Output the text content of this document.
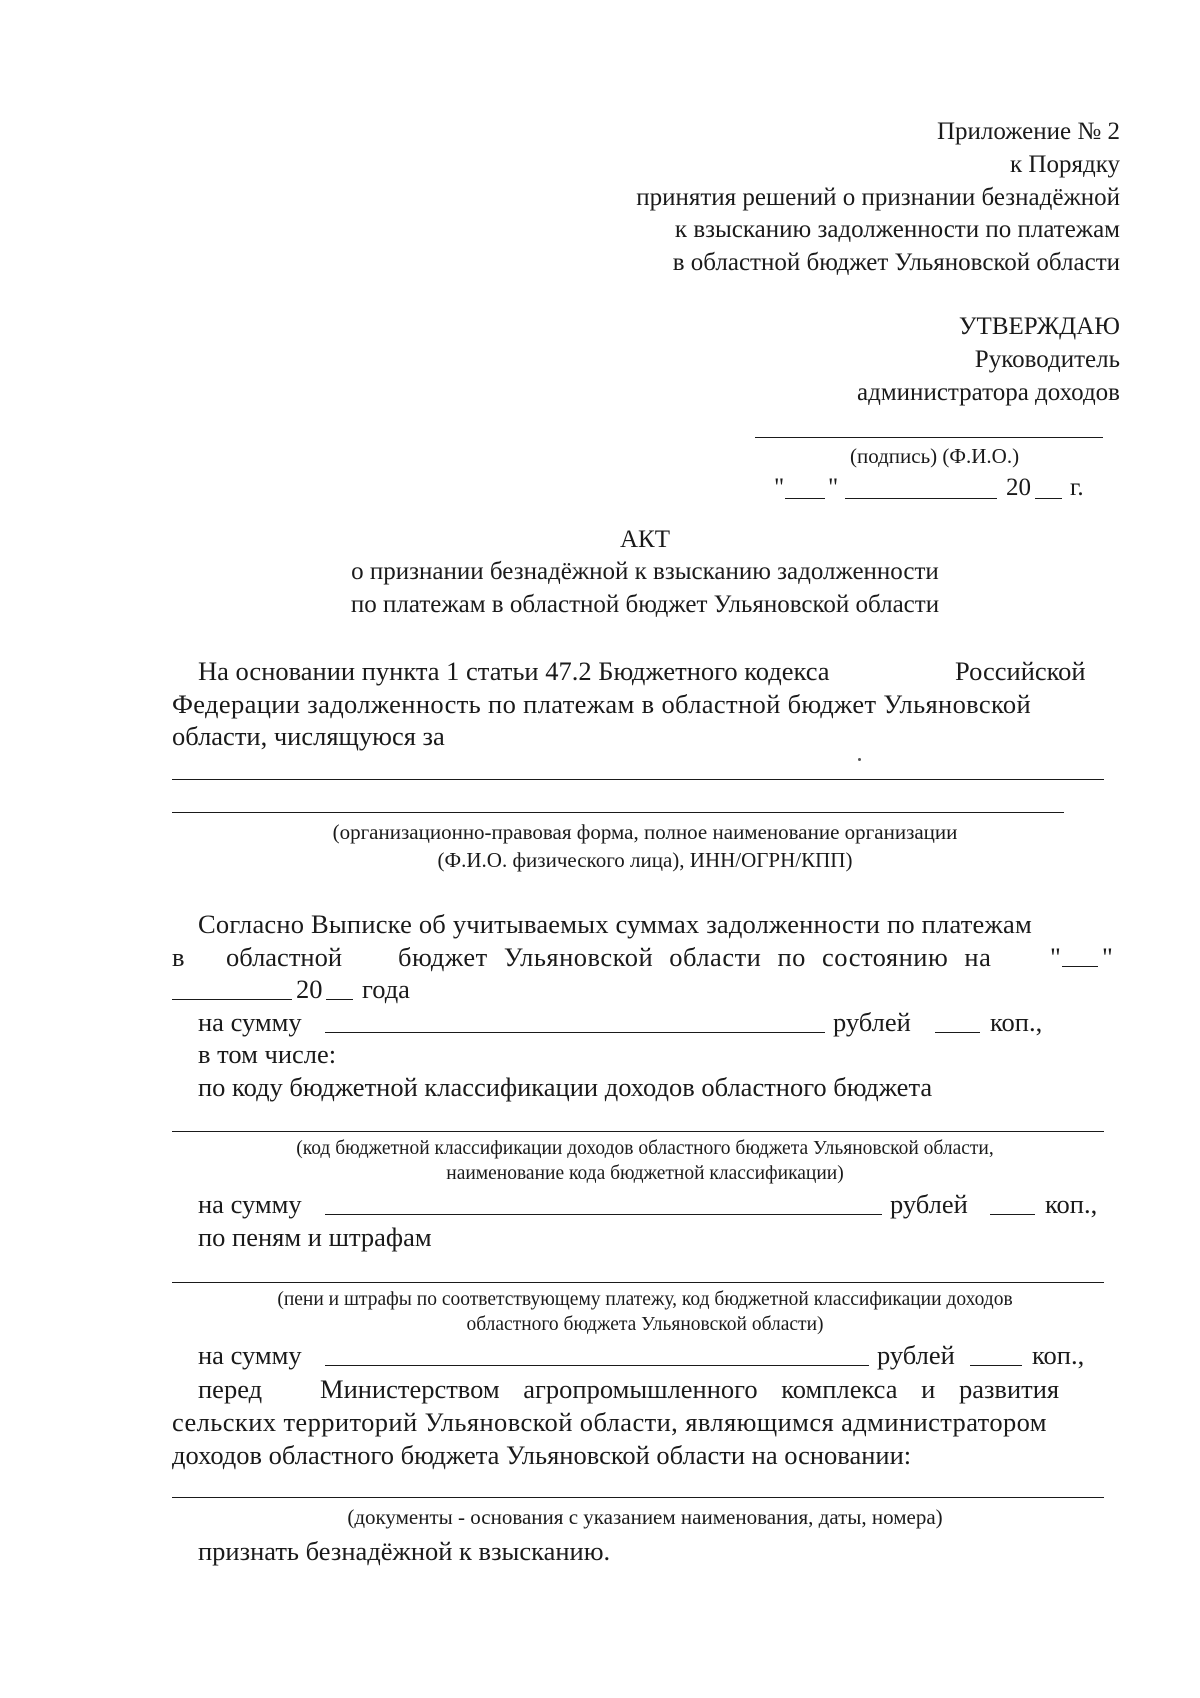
Приложение № 2
к Порядку
принятия решений о признании безнадёжной
к взысканию задолженности по платежам
в областной бюджет Ульяновской области
УТВЕРЖДАЮ
Руководитель
администратора доходов
(подпись) (Ф.И.О.)
" "	20 г.
АКТ
о признании безнадёжной к взысканию задолженности
по платежам в областной бюджет Ульяновской области
На основании пункта 1 статьи 47.2 Бюджетного кодекса	Российской
Федерации задолженность по платежам в областной бюджет Ульяновской
области, числящуюся за
(организационно-правовая форма, полное наименование организации
(Ф.И.О. физического лица), ИНН/ОГРН/КПП)
Согласно Выписке об учитываемых суммах задолженности по платежам
в областной бюджет Ульяновской области по состоянию на " "
20 года
на сумму	рублей	коп.,
в том числе:
по коду бюджетной классификации доходов областного бюджета
(код бюджетной классификации доходов областного бюджета Ульяновской области,
наименование кода бюджетной классификации)
на сумму	рублей	коп.,
по пеням и штрафам
(пени и штрафы по соответствующему платежу, код бюджетной классификации доходов
областного бюджета Ульяновской области)
на сумму	рублей	коп.,
перед Министерством агропромышленного комплекса и развития
сельских территорий Ульяновской области, являющимся администратором
доходов областного бюджета Ульяновской области на основании:
(документы - основания с указанием наименования, даты, номера)
признать безнадёжной к взысканию.
